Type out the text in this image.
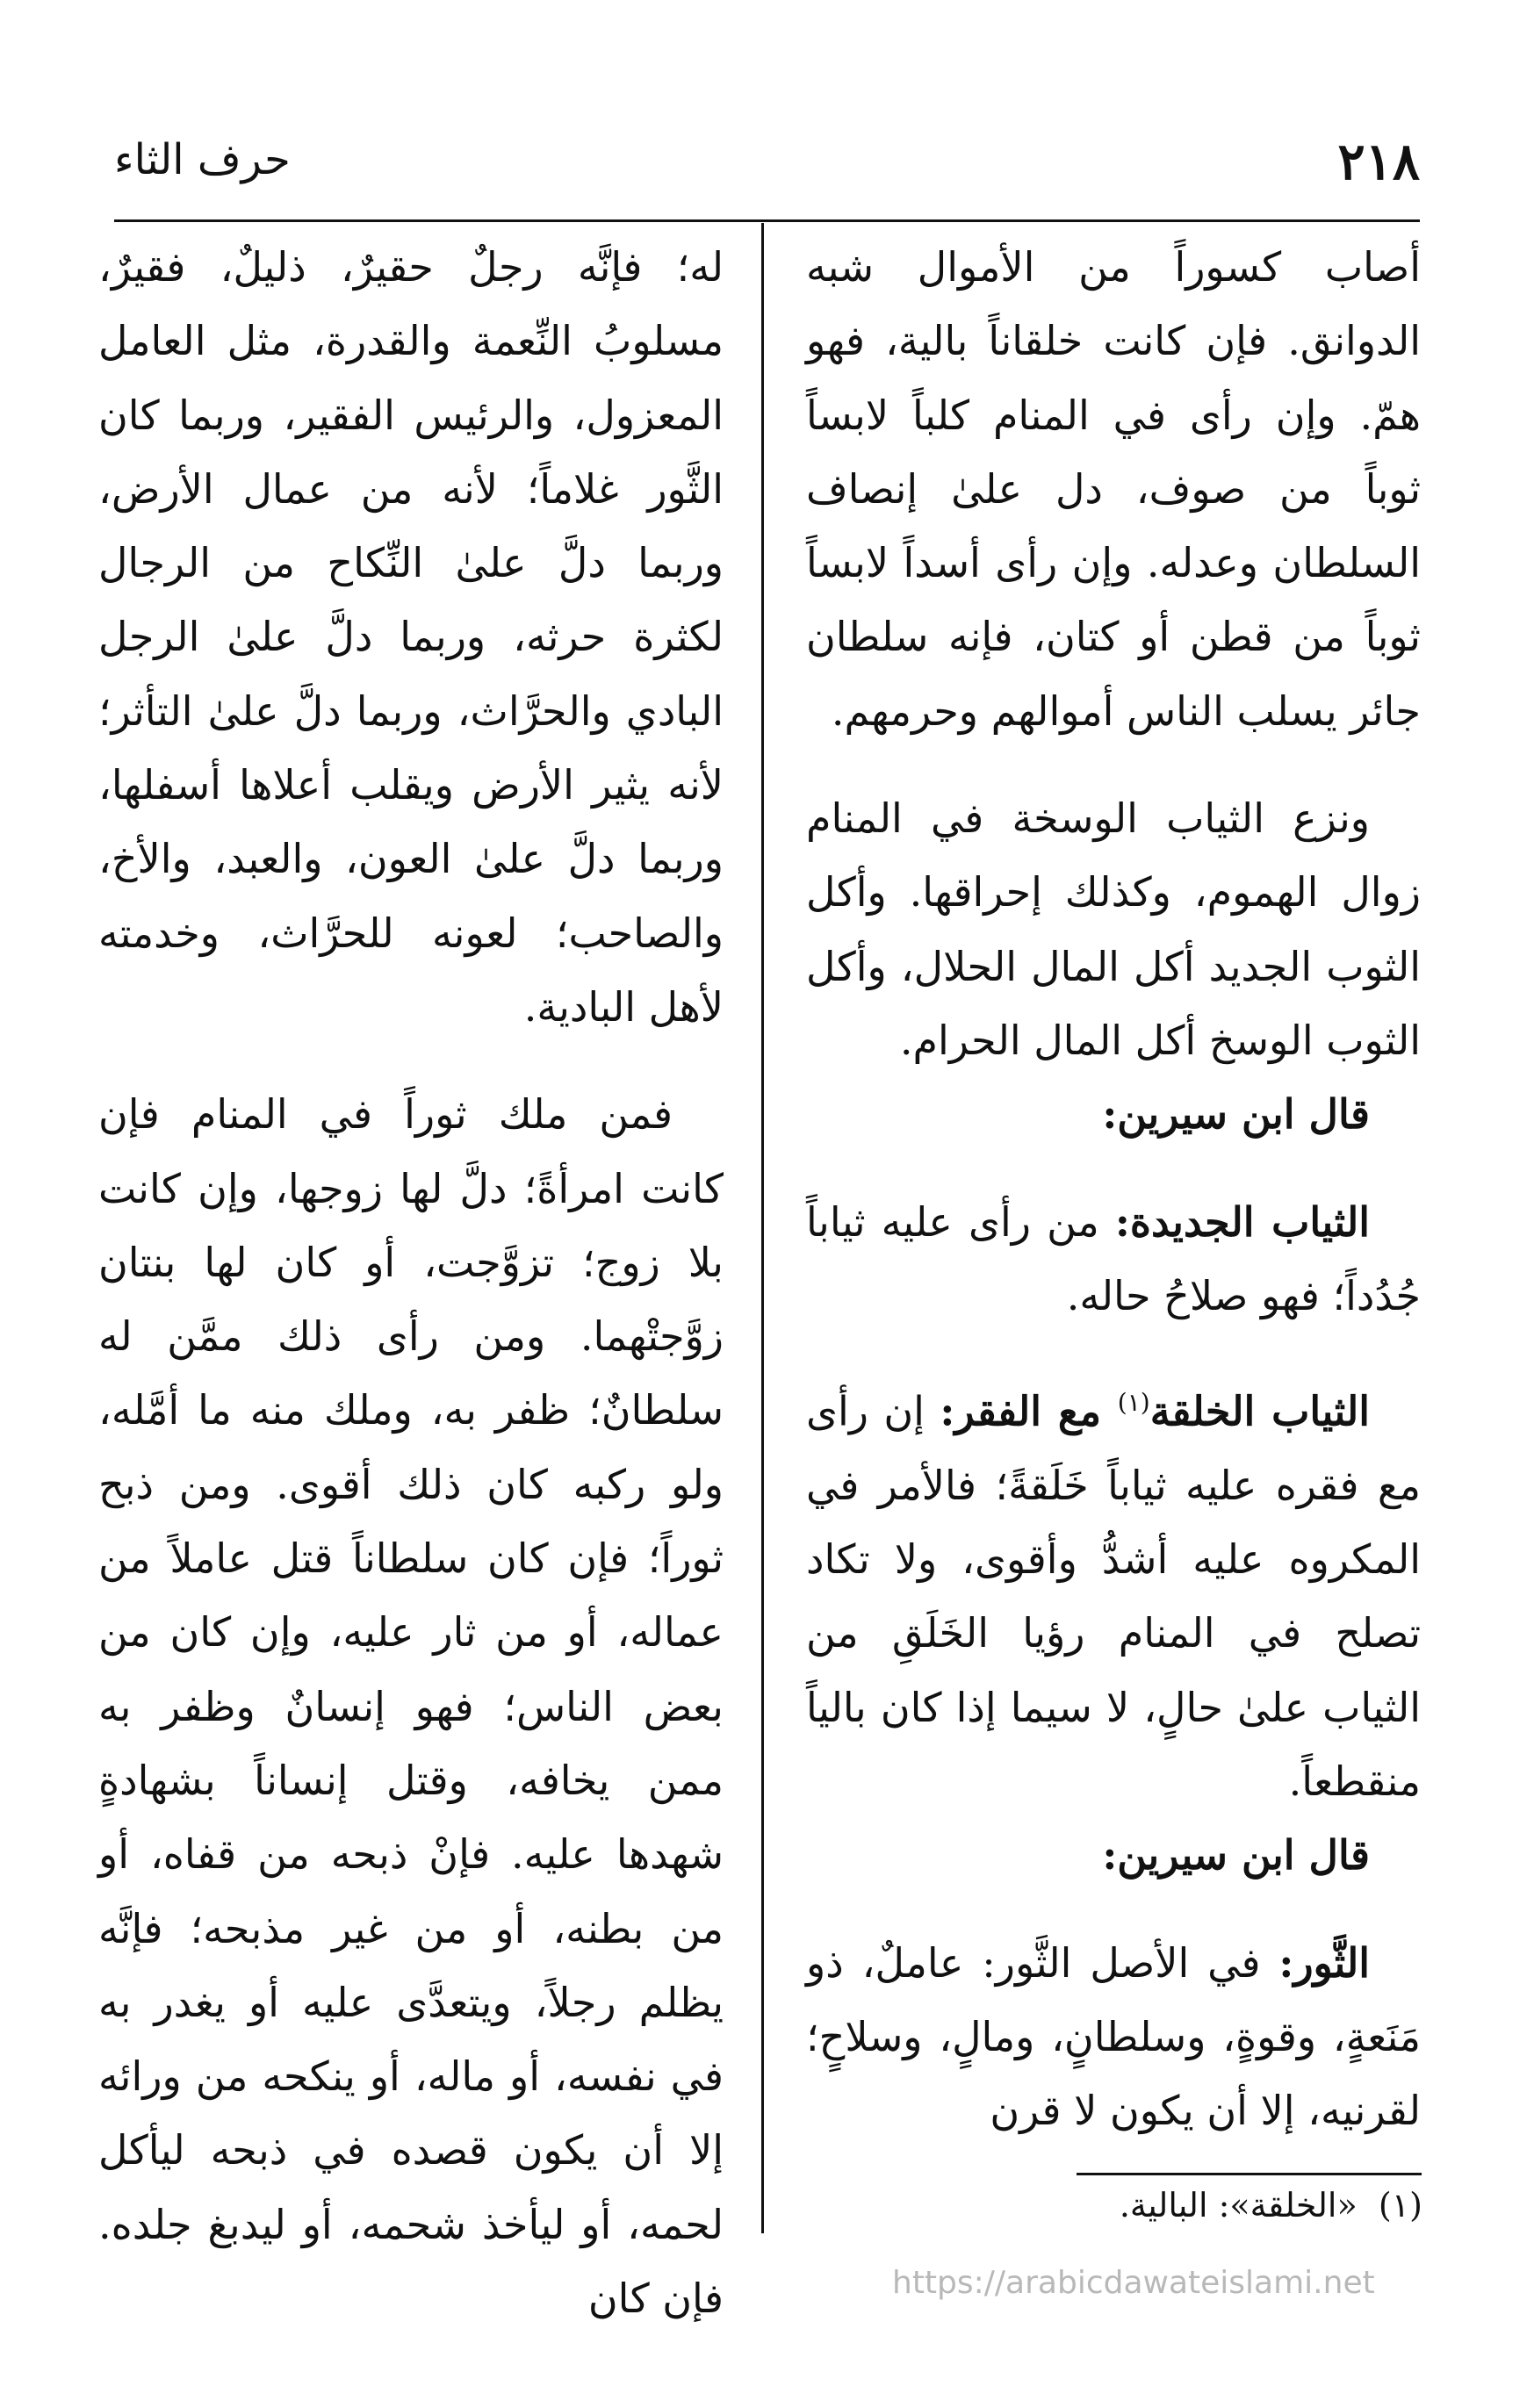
٢١٨
حرف الثاء

أصاب كسوراً من الأموال شبه الدوانق. فإن كانت خلقاناً بالية، فهو همّ. وإن رأى في المنام كلباً لابساً ثوباً من صوف، دل علىٰ إنصاف السلطان وعدله. وإن رأى أسداً لابساً ثوباً من قطن أو كتان، فإنه سلطان جائر يسلب الناس أموالهم وحرمهم.

ونزع الثياب الوسخة في المنام زوال الهموم، وكذلك إحراقها. وأكل الثوب الجديد أكل المال الحلال، وأكل الثوب الوسخ أكل المال الحرام.

قال ابن سيرين:

الثياب الجديدة: من رأى عليه ثياباً جُدُداً؛ فهو صلاحُ حاله.

الثياب الخلقة$^{(١)}$ مع الفقر: إن رأى مع فقره عليه ثياباً خَلَقةً؛ فالأمر في المكروه عليه أشدُّ وأقوى، ولا تكاد تصلح في المنام رؤيا الخَلَقِ من الثياب علىٰ حالٍ، لا سيما إذا كان بالياً منقطعاً.

قال ابن سيرين:

الثَّور: في الأصل الثَّور: عاملٌ، ذو مَنَعةٍ، وقوةٍ، وسلطانٍ، ومالٍ، وسلاحٍ؛ لقرنيه، إلا أن يكون لا قرن

له؛ فإنَّه رجلٌ حقيرٌ، ذليلٌ، فقيرٌ، مسلوبُ النِّعمة والقدرة، مثل العامل المعزول، والرئيس الفقير، وربما كان الثَّور غلاماً؛ لأنه من عمال الأرض، وربما دلَّ علىٰ النِّكاح من الرجال لكثرة حرثه، وربما دلَّ علىٰ الرجل البادي والحرَّاث، وربما دلَّ علىٰ التأثر؛ لأنه يثير الأرض ويقلب أعلاها أسفلها، وربما دلَّ علىٰ العون، والعبد، والأخ، والصاحب؛ لعونه للحرَّاث، وخدمته لأهل البادية.

فمن ملك ثوراً في المنام فإن كانت امرأةً؛ دلَّ لها زوجها، وإن كانت بلا زوج؛ تزوَّجت، أو كان لها بنتان زوَّجتْهما. ومن رأى ذلك ممَّن له سلطانٌ؛ ظفر به، وملك منه ما أمَّله، ولو ركبه كان ذلك أقوى. ومن ذبح ثوراً؛ فإن كان سلطاناً قتل عاملاً من عماله، أو من ثار عليه، وإن كان من بعض الناس؛ فهو إنسانٌ وظفر به ممن يخافه، وقتل إنساناً بشهادةٍ شهدها عليه. فإنْ ذبحه من قفاه، أو من بطنه، أو من غير مذبحه؛ فإنَّه يظلم رجلاً، ويتعدَّى عليه أو يغدر به في نفسه، أو ماله، أو ينكحه من ورائه إلا أن يكون قصده في ذبحه ليأكل لحمه، أو ليأخذ شحمه، أو ليدبغ جلده. فإن كان

(١)  «الخلقة»: البالية.
https://arabicdawateislami.net
